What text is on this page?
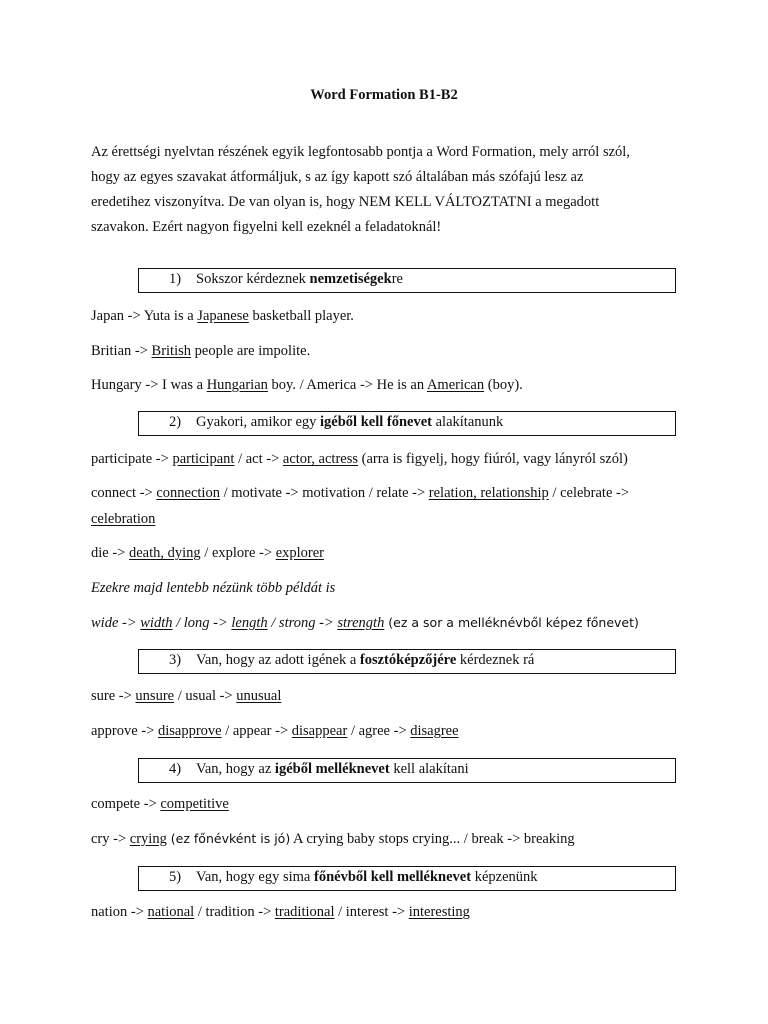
Word Formation B1-B2
Az érettségi nyelvtan részének egyik legfontosabb pontja a Word Formation, mely arról szól,
hogy az egyes szavakat átformáljuk, s az így kapott szó általában más szófajú lesz az
eredetihez viszonyítva. De van olyan is, hogy NEM KELL VÁLTOZTATNI a megadott
szavakon. Ezért nagyon figyelni kell ezeknél a feladatoknál!
1) Sokszor kérdeznek nemzetiségekre
Japan -> Yuta is a Japanese basketball player.
Britian -> British people are impolite.
Hungary -> I was a Hungarian boy. / America -> He is an American (boy).
2) Gyakori, amikor egy igéből kell főnevet alakítanunk
participate -> participant / act -> actor, actress (arra is figyelj, hogy fiúról, vagy lányról szól)
connect -> connection / motivate -> motivation / relate -> relation, relationship / celebrate ->
celebration
die -> death, dying / explore -> explorer
Ezekre majd lentebb nézünk több példát is
wide -> width / long -> length / strong -> strength (ez a sor a melléknévből képez főnevet)
3) Van, hogy az adott igének a fosztóképzőjére kérdeznek rá
sure -> unsure / usual -> unusual
approve -> disapprove / appear -> disappear / agree -> disagree
4) Van, hogy az igéből melléknevet kell alakítani
compete -> competitive
cry -> crying (ez főnévként is jó) A crying baby stops crying... / break -> breaking
5) Van, hogy egy sima főnévből kell melléknevet képzenünk
nation -> national / tradition -> traditional / interest -> interesting
